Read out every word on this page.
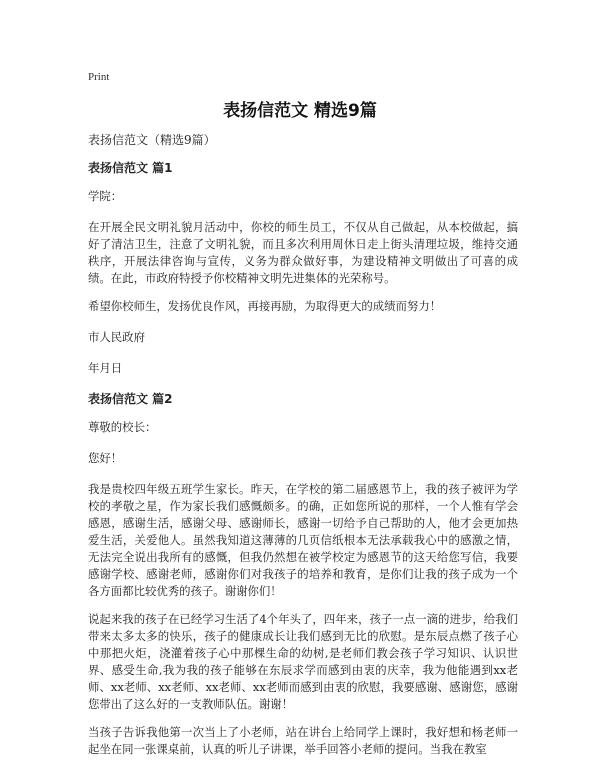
Print
表扬信范文 精选9篇

表扬信范文（精选9篇）

表扬信范文 篇1

学院：

在开展全民文明礼貌月活动中，你校的师生员工，不仅从自己做起，从本校做起，搞好了清洁卫生，注意了文明礼貌，而且多次利用周休日走上街头清理垃圾，维持交通秩序，开展法律咨询与宣传，义务为群众做好事，为建设精神文明做出了可喜的成绩。在此，市政府特授予你校精神文明先进集体的光荣称号。

希望你校师生，发扬优良作风，再接再励，为取得更大的成绩而努力！

市人民政府

年月日

表扬信范文 篇2

尊敬的校长：

您好！

我是贵校四年级五班学生家长。昨天，在学校的第二届感恩节上，我的孩子被评为学校的孝敬之星，作为家长我们感慨颇多。的确，正如您所说的那样，一个人惟有学会感恩，感谢生活，感谢父母、感谢师长，感谢一切给予自己帮助的人，他才会更加热爱生活，关爱他人。虽然我知道这薄薄的几页信纸根本无法承载我心中的感激之情，无法完全说出我所有的感慨，但我仍然想在被学校定为感恩节的这天给您写信，我要感谢学校、感谢老师，感谢你们对我孩子的培养和教育，是你们让我的孩子成为一个各方面都比较优秀的孩子。谢谢你们！

说起来我的孩子在已经学习生活了4个年头了，四年来，孩子一点一滴的进步，给我们带来太多太多的快乐，孩子的健康成长让我们感到无比的欣慰。是东辰点燃了孩子心中那把火炬，浇灌着孩子心中那棵生命的幼树,是老师们教会孩子学习知识、认识世界、感受生命,我为我的孩子能够在东辰求学而感到由衷的庆幸，我为他能遇到xx老师、xx老师、xx老师、xx老师、xx老师而感到由衷的欣慰，我要感谢、感谢您，感谢您带出了这么好的一支教师队伍。谢谢！

当孩子告诉我他第一次当上了小老师，站在讲台上给同学上课时，我好想和杨老师一起坐在同一张课桌前，认真的听儿子讲课，举手回答小老师的提问。当我在教室
